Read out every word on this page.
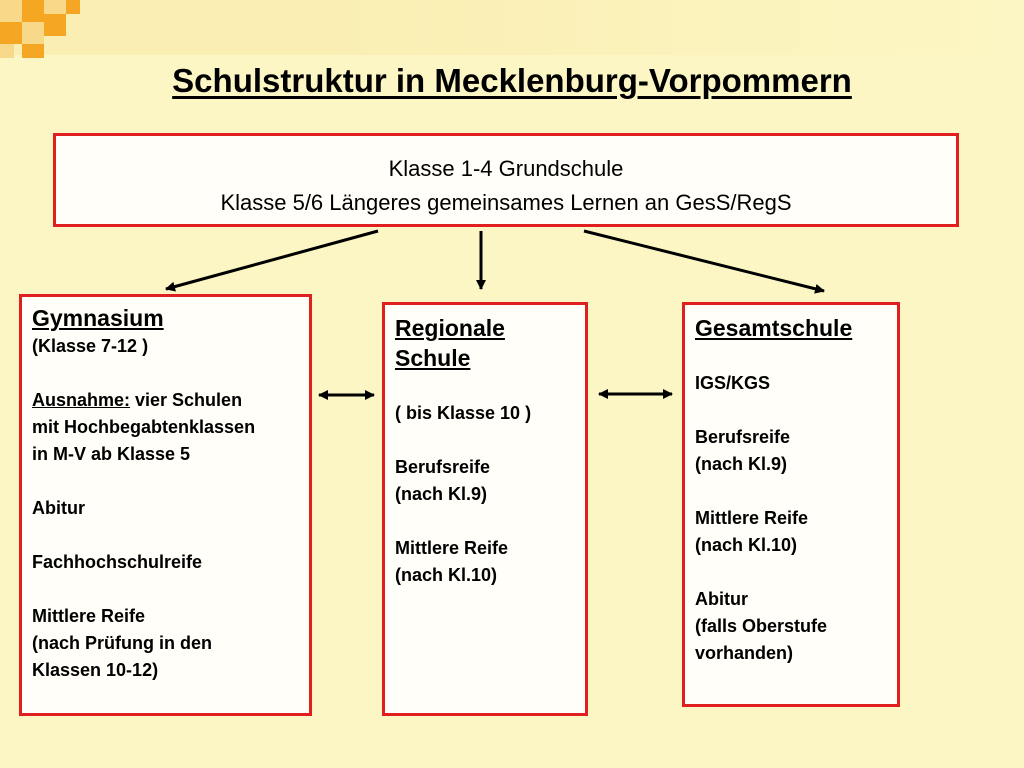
Schulstruktur in Mecklenburg-Vorpommern
Klasse 1-4 Grundschule
Klasse 5/6 Längeres gemeinsames Lernen an GesS/RegS
Gymnasium
(Klasse 7-12 )
Ausnahme: vier Schulen
mit Hochbegabtenklassen
in M-V ab Klasse 5
Abitur
Fachhochschulreife
Mittlere Reife
(nach Prüfung in den
Klassen 10-12)
Regionale
Schule
( bis Klasse 10 )
Berufsreife
(nach Kl.9)
Mittlere Reife
(nach Kl.10)
Gesamtschule
IGS/KGS
Berufsreife
(nach Kl.9)
Mittlere Reife
(nach Kl.10)
Abitur
(falls Oberstufe
vorhanden)
